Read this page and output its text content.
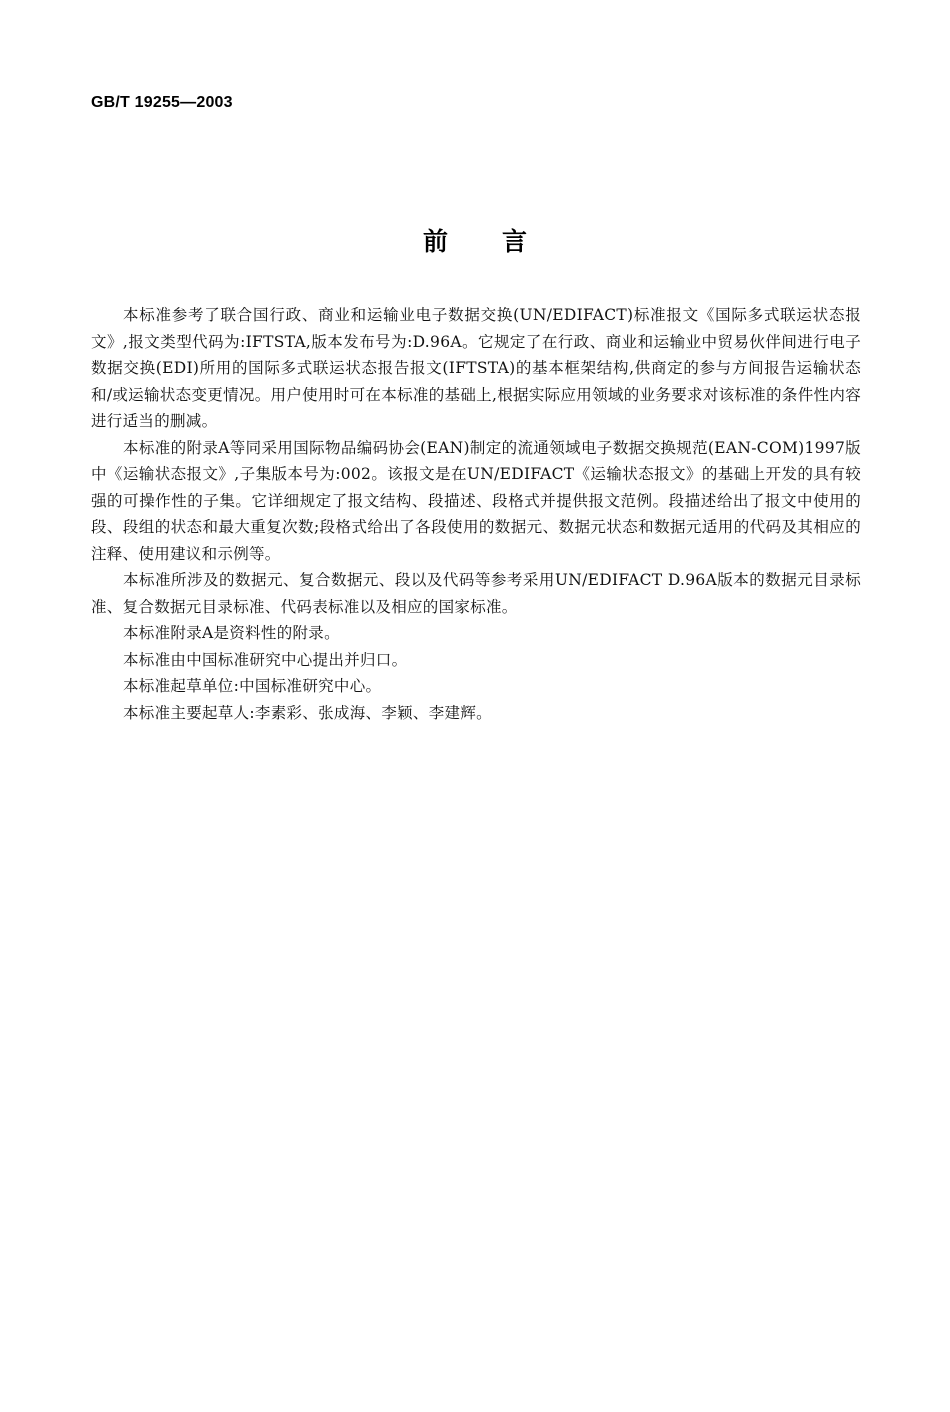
GB/T 19255—2003
前言

本标准参考了联合国行政、商业和运输业电子数据交换(UN/EDIFACT)标准报文《国际多式联运状态报文》,报文类型代码为:IFTSTA,版本发布号为:D.96A。它规定了在行政、商业和运输业中贸易伙伴间进行电子数据交换(EDI)所用的国际多式联运状态报告报文(IFTSTA)的基本框架结构,供商定的参与方间报告运输状态和/或运输状态变更情况。用户使用时可在本标准的基础上,根据实际应用领域的业务要求对该标准的条件性内容进行适当的删减。

本标准的附录A等同采用国际物品编码协会(EAN)制定的流通领域电子数据交换规范(EAN-COM)1997版中《运输状态报文》,子集版本号为:002。该报文是在UN/EDIFACT《运输状态报文》的基础上开发的具有较强的可操作性的子集。它详细规定了报文结构、段描述、段格式并提供报文范例。段描述给出了报文中使用的段、段组的状态和最大重复次数;段格式给出了各段使用的数据元、数据元状态和数据元适用的代码及其相应的注释、使用建议和示例等。

本标准所涉及的数据元、复合数据元、段以及代码等参考采用UN/EDIFACT D.96A版本的数据元目录标准、复合数据元目录标准、代码表标准以及相应的国家标准。

本标准附录A是资料性的附录。

本标准由中国标准研究中心提出并归口。

本标准起草单位:中国标准研究中心。

本标准主要起草人:李素彩、张成海、李颖、李建辉。
